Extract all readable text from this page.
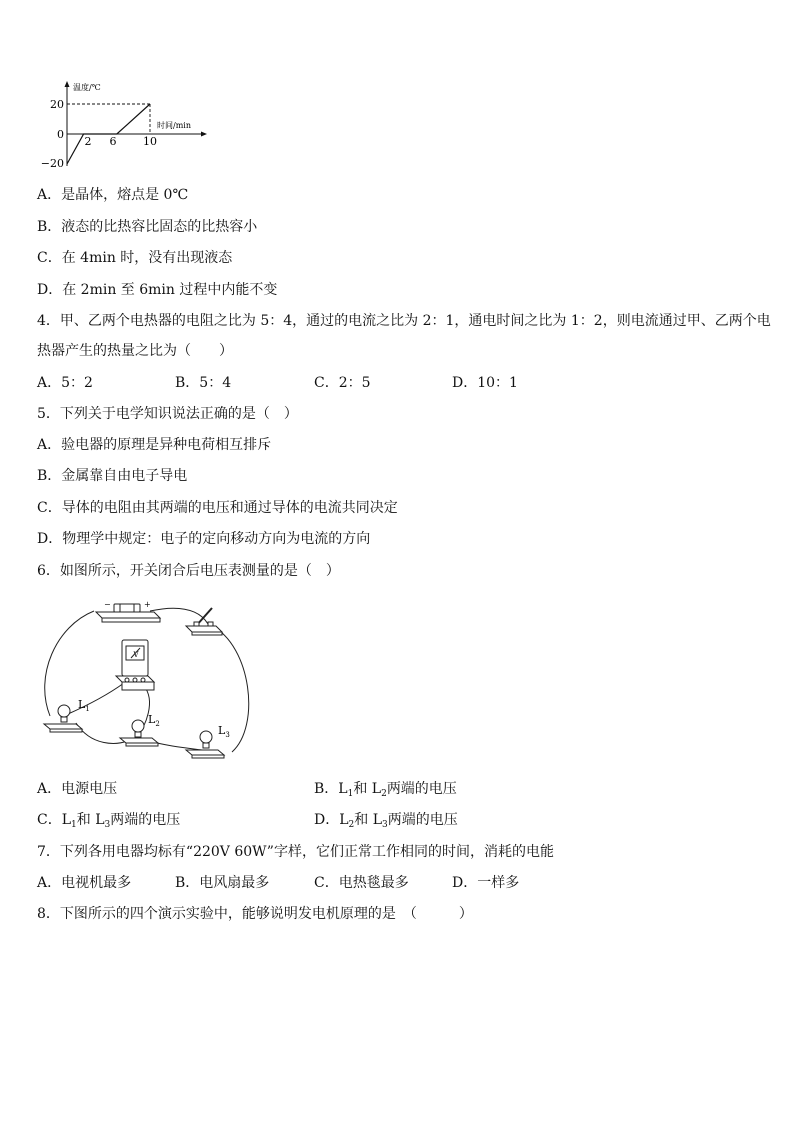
温度/℃
时间/min
20
0
−20
2 6 10
A．是晶体，熔点是 0℃
B．液态的比热容比固态的比热容小
C．在 4min 时，没有出现液态
D．在 2min 至 6min 过程中内能不变
4．甲、乙两个电热器的电阻之比为 5：4，通过的电流之比为 2：1，通电时间之比为 1：2，则电流通过甲、乙两个电
热器产生的热量之比为（　　）
A．5：2	B．5：4	C．2：5	D．10：1
5．下列关于电学知识说法正确的是（　）
A．验电器的原理是异种电荷相互排斥
B．金属靠自由电子导电
C．导体的电阻由其两端的电压和通过导体的电流共同决定
D．物理学中规定：电子的定向移动方向为电流的方向
6．如图所示，开关闭合后电压表测量的是（　）
−	+
V
$L_1$
$L_2$	$L_3$
A．电源电压	B．$L_1$和 $L_2$两端的电压
C．$L_1$和 $L_3$两端的电压	D．$L_2$和 $L_3$两端的电压
7．下列各用电器均标有“220V 60W”字样，它们正常工作相同的时间，消耗的电能
A．电视机最多	B．电风扇最多	C．电热毯最多	D．一样多
8．下图所示的四个演示实验中，能够说明发电机原理的是　（　　　）
